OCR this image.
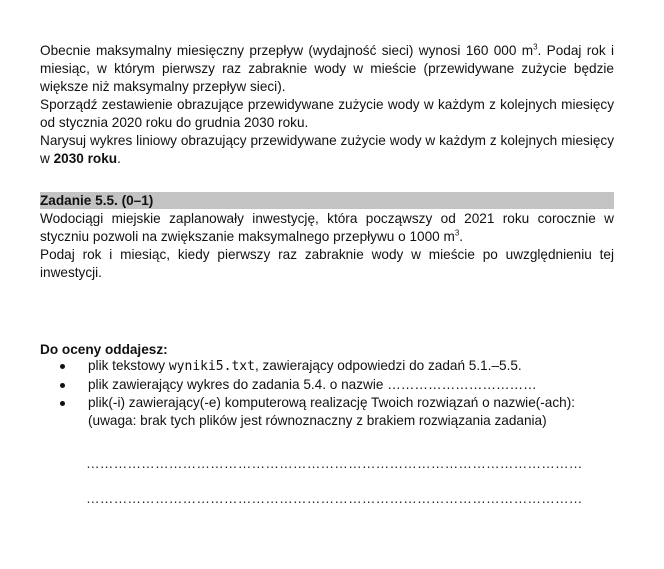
Obecnie maksymalny miesięczny przepływ (wydajność sieci) wynosi 160 000 $m^3$. Podaj rok i miesiąc, w którym pierwszy raz zabraknie wody w mieście (przewidywane zużycie będzie większe niż maksymalny przepływ sieci).

Sporządź zestawienie obrazujące przewidywane zużycie wody w każdym z kolejnych miesięcy od stycznia 2020 roku do grudnia 2030 roku.

Narysuj wykres liniowy obrazujący przewidywane zużycie wody w każdym z kolejnych miesięcy w 2030 roku.

Zadanie 5.5. (0–1)

Wodociągi miejskie zaplanowały inwestycję, która począwszy od 2021 roku corocznie w styczniu pozwoli na zwiększanie maksymalnego przepływu o 1000 $m^3$.

Podaj rok i miesiąc, kiedy pierwszy raz zabraknie wody w mieście po uwzględnieniu tej inwestycji.

Do oceny oddajesz:

plik tekstowy wyniki5.txt, zawierający odpowiedzi do zadań 5.1.–5.5.
plik zawierający wykres do zadania 5.4. o nazwie ……………………………
plik(-i) zawierający(-e) komputerową realizację Twoich rozwiązań o nazwie(-ach):
(uwaga: brak tych plików jest równoznaczny z brakiem rozwiązania zadania)
………………………………………………………………………………………………
………………………………………………………………………………………………
